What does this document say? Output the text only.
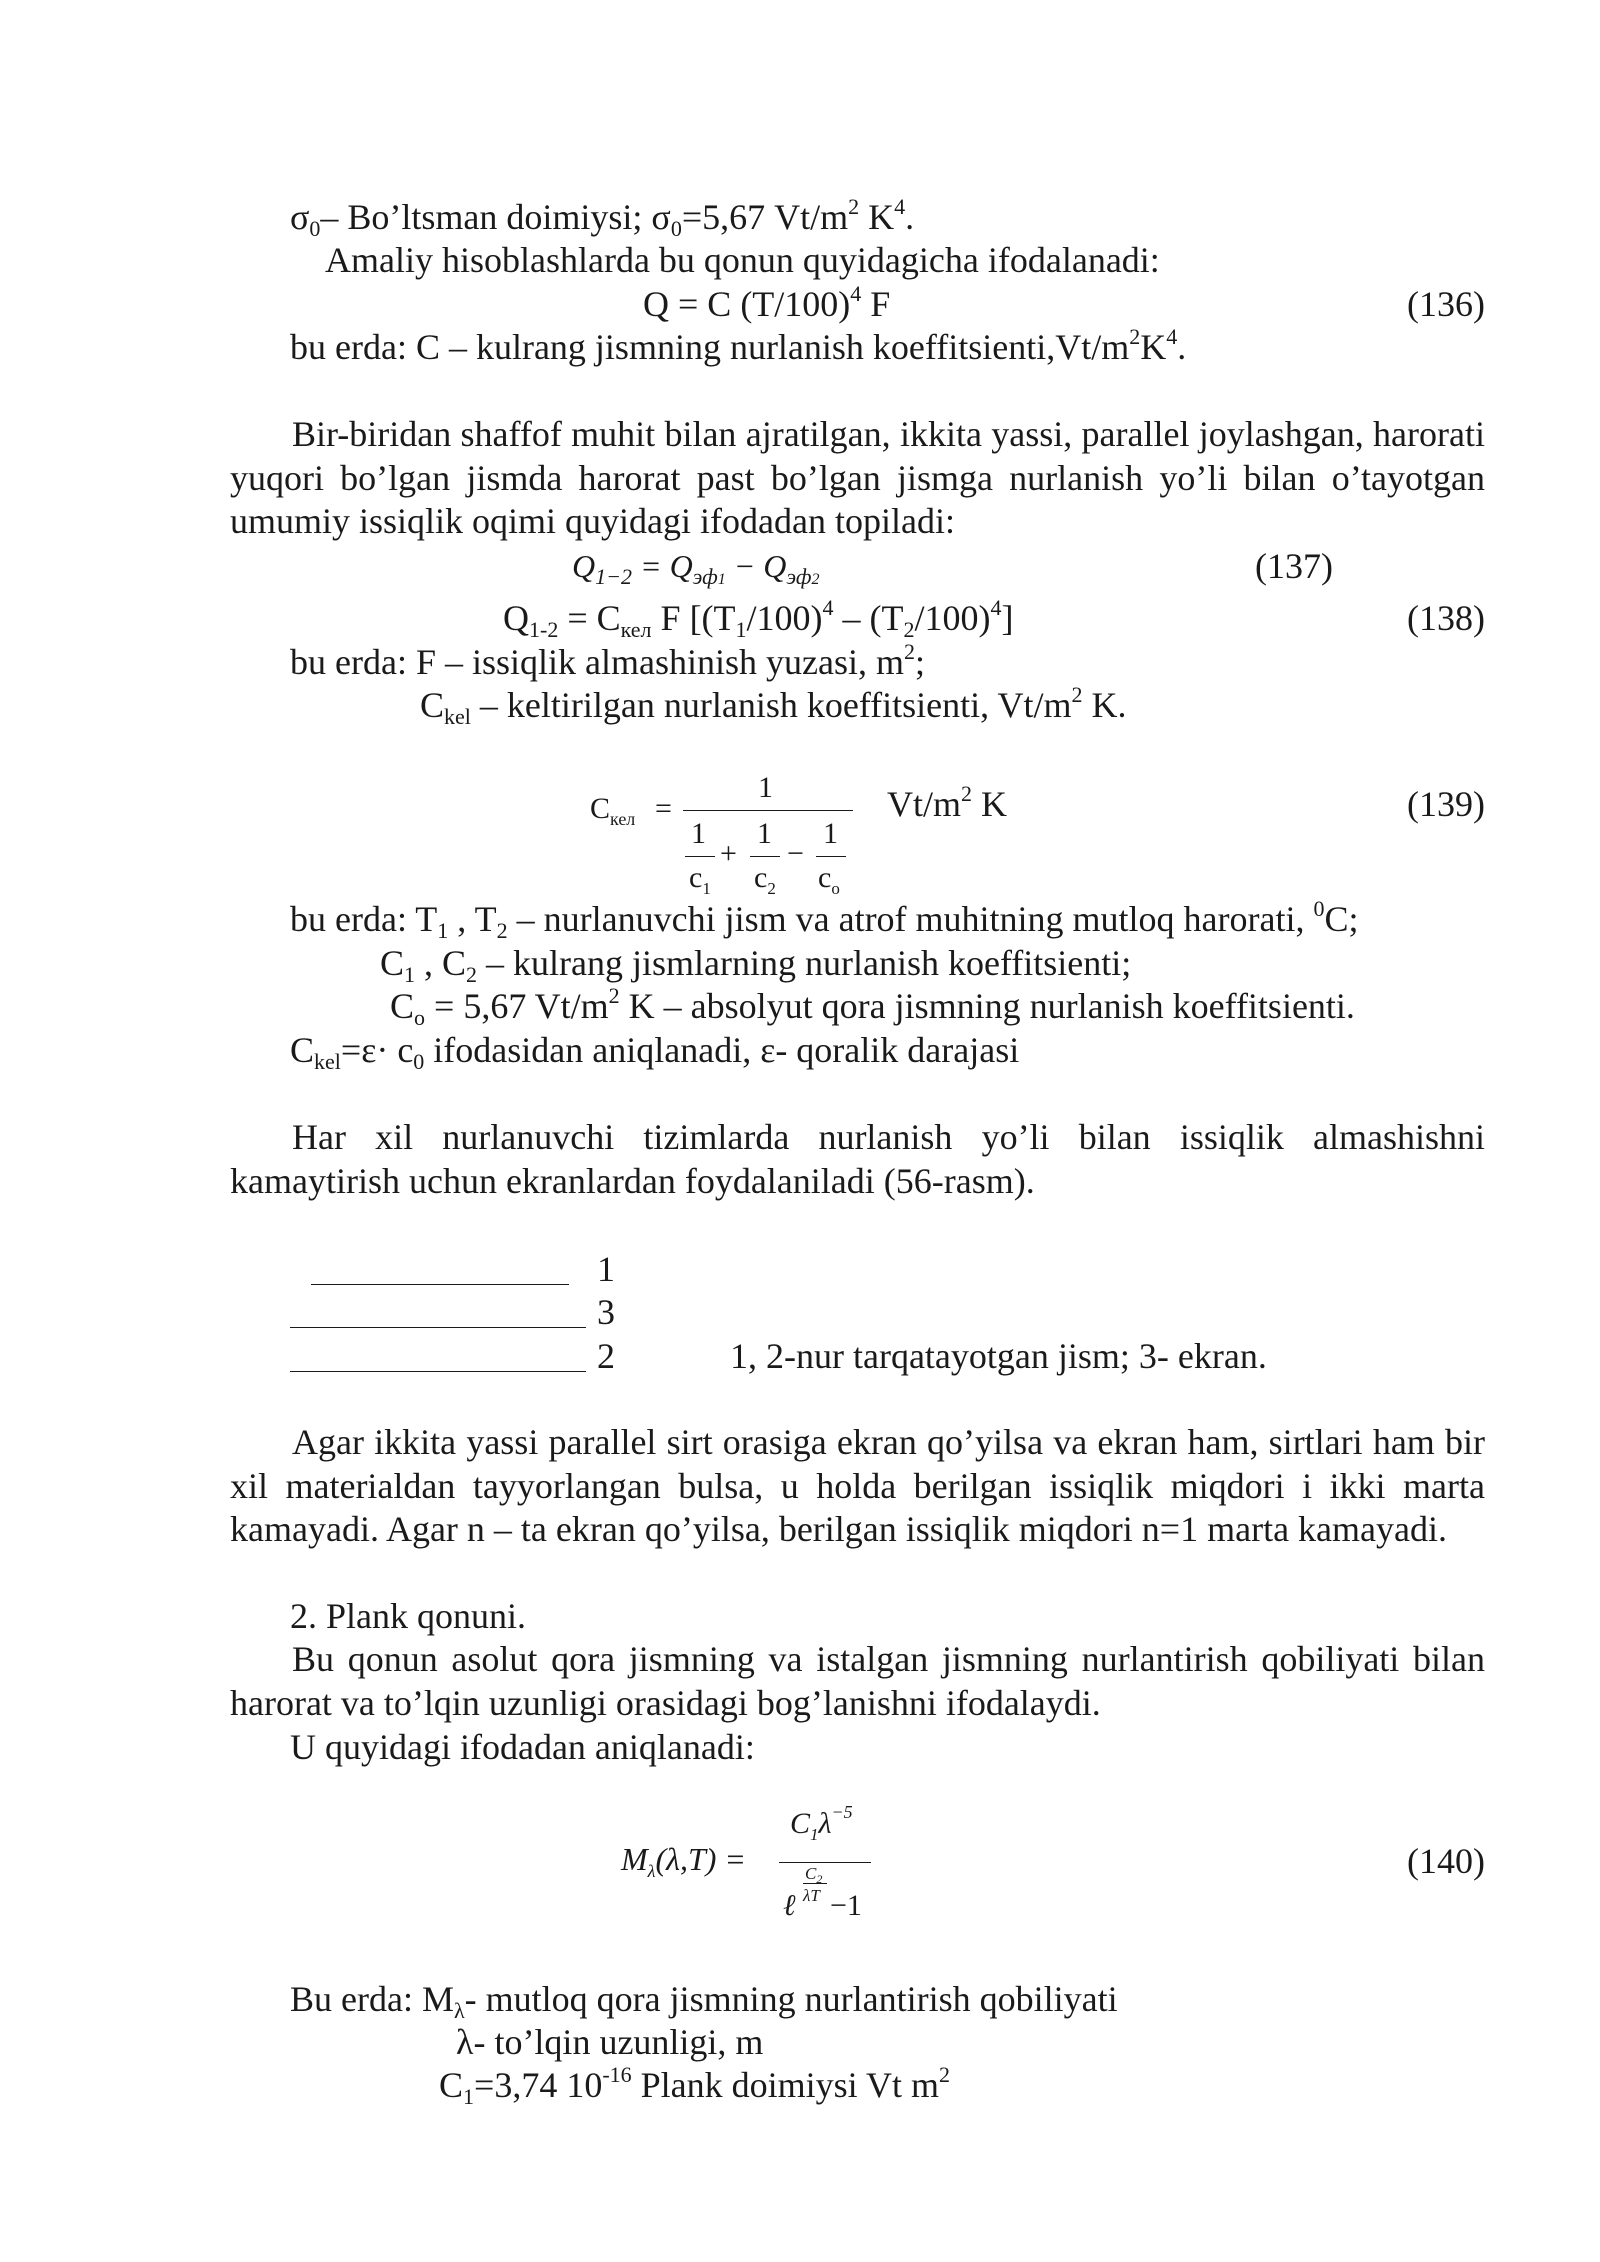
$\sigma_0-$ Bo’ltsman doimiysi; $\sigma_0=5,67$ $Vt/m^2$ $K^4$.
Amaliy hisoblashlarda bu qonun quyidagicha ifodalanadi:
Q = C $(T/100)^4$ F	(136)
bu erda: C – kulrang jismning nurlanish $koeffitsienti,Vt/m^2K^4$.
Bir-biridan shaffof muhit bilan ajratilgan, ikkita yassi, parallel joylashgan, harorati yuqori bo’lgan jismda harorat past bo’lgan jismga nurlanish yo’li bilan o’tayotgan umumiy issiqlik oqimi quyidagi ifodadan topiladi:
$Q_{1-2} = Q_{эф1} - Q_{эф2}$	(137)
$Q_{1-2} = C_{кел}$ F $[(T_1/100)^4 - (T_2/100)^4]$	(138)
bu erda: F – issiqlik almashinish yuzasi, $m^2$;
$C_{kel}$ – keltirilgan nurlanish koeffitsienti, $Vt/m^2$ K.
$C_{кел}$ =
1
1 1 1
+ −
$c_1$ $c_2$ $c_o$
$Vt/m^2$ K	(139)
bu erda: $T_1$ , $T_2$ – nurlanuvchi jism va atrof muhitning mutloq harorati, $^0$C;
$C_1$ , $C_2$ – kulrang jismlarning nurlanish koeffitsienti;
$C_o = 5,67$ $Vt/m^2$ K – absolyut qora jismning nurlanish koeffitsienti.
$C_{kel}=\varepsilon\cdot c_0$ ifodasidan aniqlanadi, ε- qoralik darajasi
Har xil nurlanuvchi tizimlarda nurlanish yo’li bilan issiqlik almashishni kamaytirish uchun ekranlardan foydalaniladi (56-rasm).
1
3
2	1, 2-nur tarqatayotgan jism; 3- ekran.
Agar ikkita yassi parallel sirt orasiga ekran qo’yilsa va ekran ham, sirtlari ham bir xil materialdan tayyorlangan bulsa, u holda berilgan issiqlik miqdori i ikki marta kamayadi. Agar n – ta ekran qo’yilsa, berilgan issiqlik miqdori n=1 marta kamayadi.
2. Plank qonuni.
Bu qonun asolut qora jismning va istalgan jismning nurlantirish qobiliyati bilan harorat va to’lqin uzunligi orasidagi bog’lanishni ifodalaydi.
U quyidagi ifodadan aniqlanadi:
$M_\lambda(\lambda,T)$ =
$C_1\lambda^{-5}$
ℓ
$C_2$
λT −1
(140)
Bu erda: $M_\lambda-$ mutloq qora jismning nurlantirish qobiliyati
λ- to’lqin uzunligi, m
$C_1=3,74$ $10^{-16}$ Plank doimiysi Vt $m^2$
